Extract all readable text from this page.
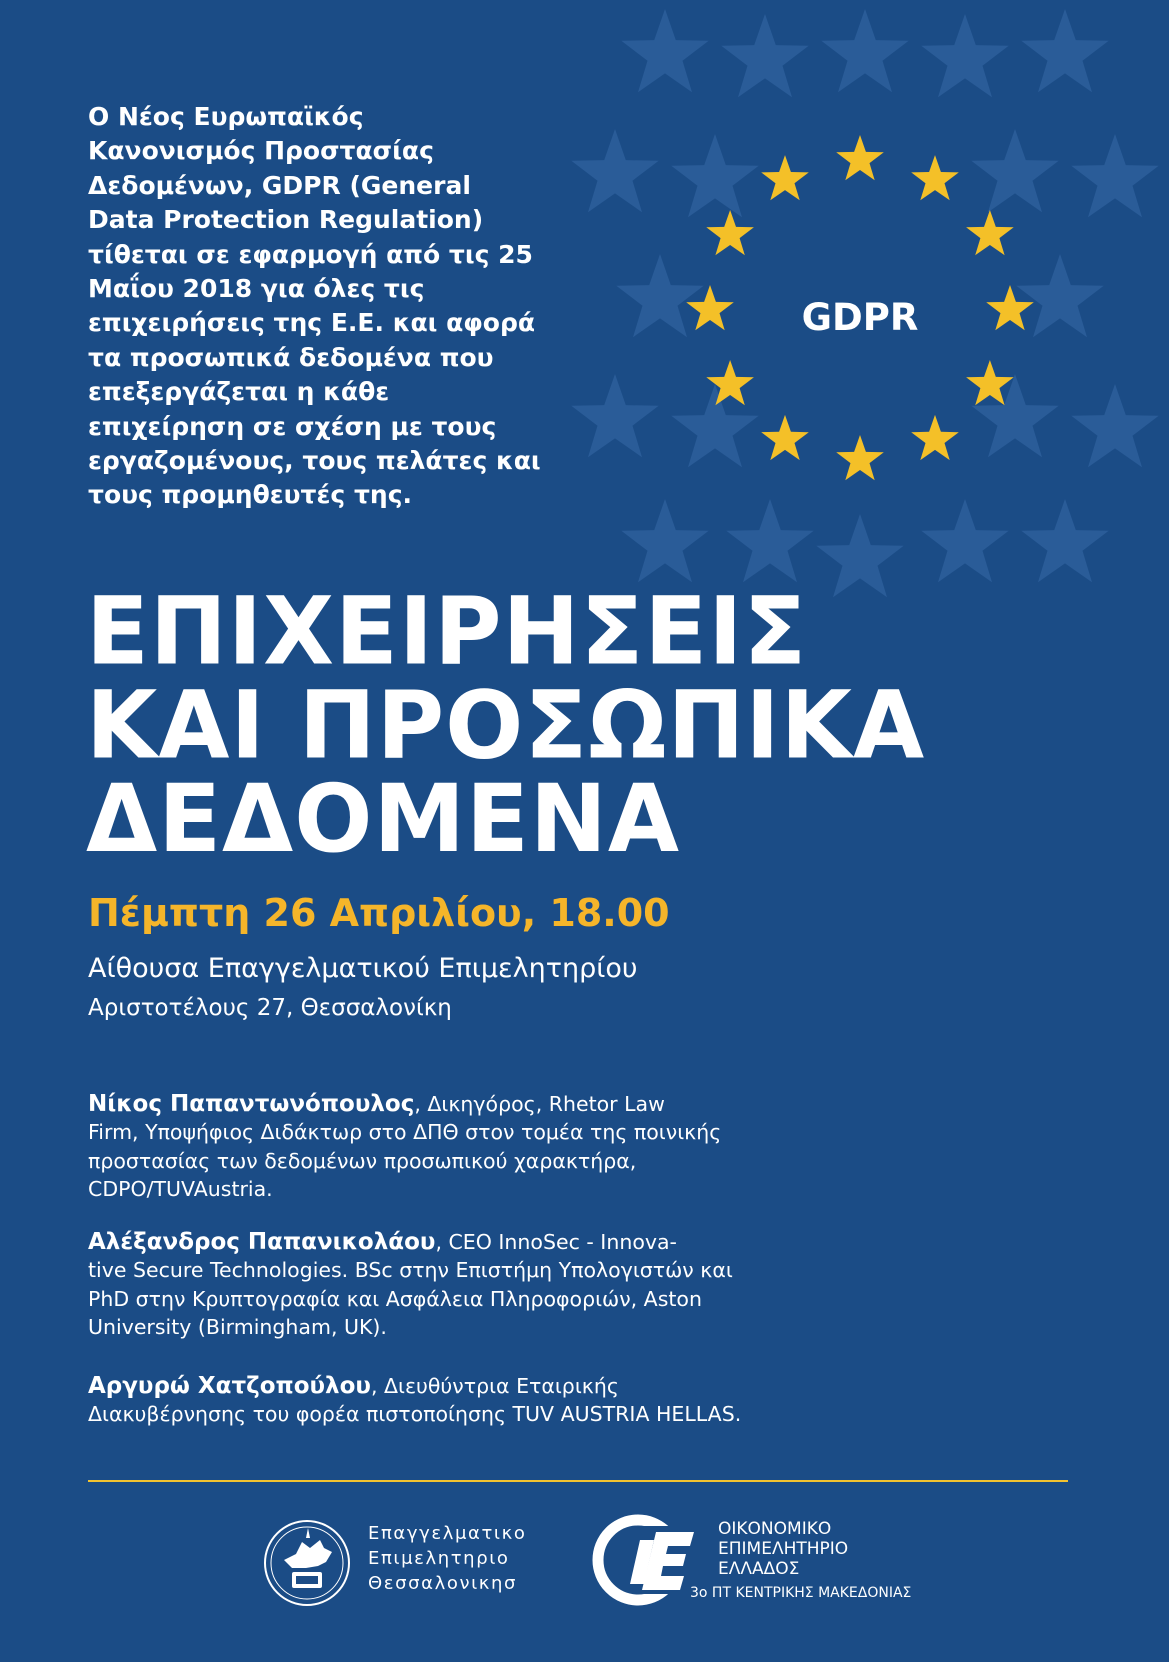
Ο Νέος Ευρωπαϊκός
Κανονισμός Προστασίας
Δεδομένων, GDPR (General
Data Protection Regulation)
τίθεται σε εφαρμογή από τις 25
Μαΐου 2018 για όλες τις
επιχειρήσεις της Ε.Ε. και αφορά
τα προσωπικά δεδομένα που
επεξεργάζεται η κάθε
επιχείρηση σε σχέση με τους
εργαζομένους, τους πελάτες και
τους προμηθευτές της.

GDPR
ΕΠΙΧΕΙΡΗΣΕΙΣ
ΚΑΙ ΠΡΟΣΩΠΙΚΑ
ΔΕΔΟΜΕΝΑ
Πέμπτη 26 Απριλίου, 18.00
Αίθουσα Επαγγελματικού Επιμελητηρίου
Αριστοτέλους 27, Θεσσαλονίκη
Νίκος Παπαντωνόπουλος, Δικηγόρος, Rhetor Law
Firm, Υποψήφιος Διδάκτωρ στο ΔΠΘ στον τομέα της ποινικής
προστασίας των δεδομένων προσωπικού χαρακτήρα,
CDPO/TUVAustria.
Αλέξανδρος Παπανικολάου, CEO InnoSec - Innova-
tive Secure Technologies. BSc στην Επιστήμη Υπολογιστών και
PhD στην Κρυπτογραφία και Ασφάλεια Πληροφοριών, Aston
University (Birmingham, UK).
Αργυρώ Χατζοπούλου, Διευθύντρια Εταιρικής
Διακυβέρνησης του φορέα πιστοποίησης TUV AUSTRIA HELLAS.
Επαγγελματικο
Επιμελητηριο
Θεσσαλονικησ
ΟΙΚΟΝΟΜΙΚΟ
ΕΠΙΜΕΛΗΤΗΡΙΟ
ΕΛΛΑΔΟΣ
3ο ΠΤ ΚΕΝΤΡΙΚΗΣ ΜΑΚΕΔΟΝΙΑΣ
